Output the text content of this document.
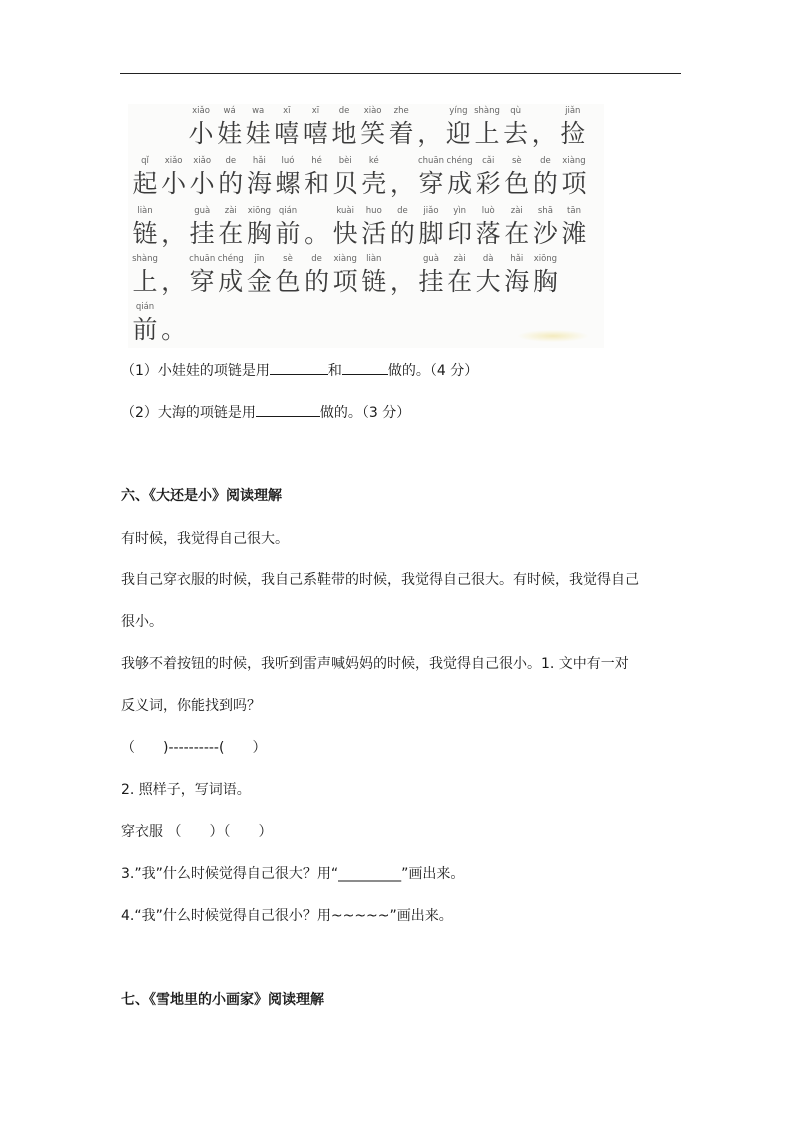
xiǎo
小
wá
娃
wa
娃
xī
嘻
xī
嘻
de
地
xiào
笑
zhe
着 ，
yíng
迎
shàng
上
qù
去 ，
jiǎn
捡
qǐ
起
xiǎo
小
xiǎo
小
de
的
hǎi
海
luó
螺
hé
和
bèi
贝
ké
壳 ，
chuān
穿
chéng
成
cǎi
彩
sè
色
de
的
xiàng
项
liàn
链 ，
guà
挂
zài
在
xiōng
胸
qián
前 。
kuài
快
huo
活
de
的
jiǎo
脚
yìn
印
luò
落
zài
在
shā
沙
tān
滩
shàng
上 ，
chuān
穿
chéng
成
jīn
金
sè
色
de
的
xiàng
项
liàn
链 ，
guà
挂
zài
在
dà
大
hǎi
海
xiōng
胸
qián
前 。
（1）小娃娃的项链是用	和	做的。（4 分）
（2）大海的项链是用	做的。（3 分）
六、《大还是小》阅读理解
有时候，我觉得自己很大。
我自己穿衣服的时候，我自己系鞋带的时候，我觉得自己很大。有时候，我觉得自己
很小。
我够不着按钮的时候，我听到雷声喊妈妈的时候，我觉得自己很小。1. 文中有一对
反义词，你能找到吗？
（　　)----------(　　）
2. 照样子，写词语。
穿衣服 （　　）（　　）
3.”我”什么时候觉得自己很大？用“_________”画出来。
4.“我”什么时候觉得自己很小？用~~~~~”画出来。
七、《雪地里的小画家》阅读理解
